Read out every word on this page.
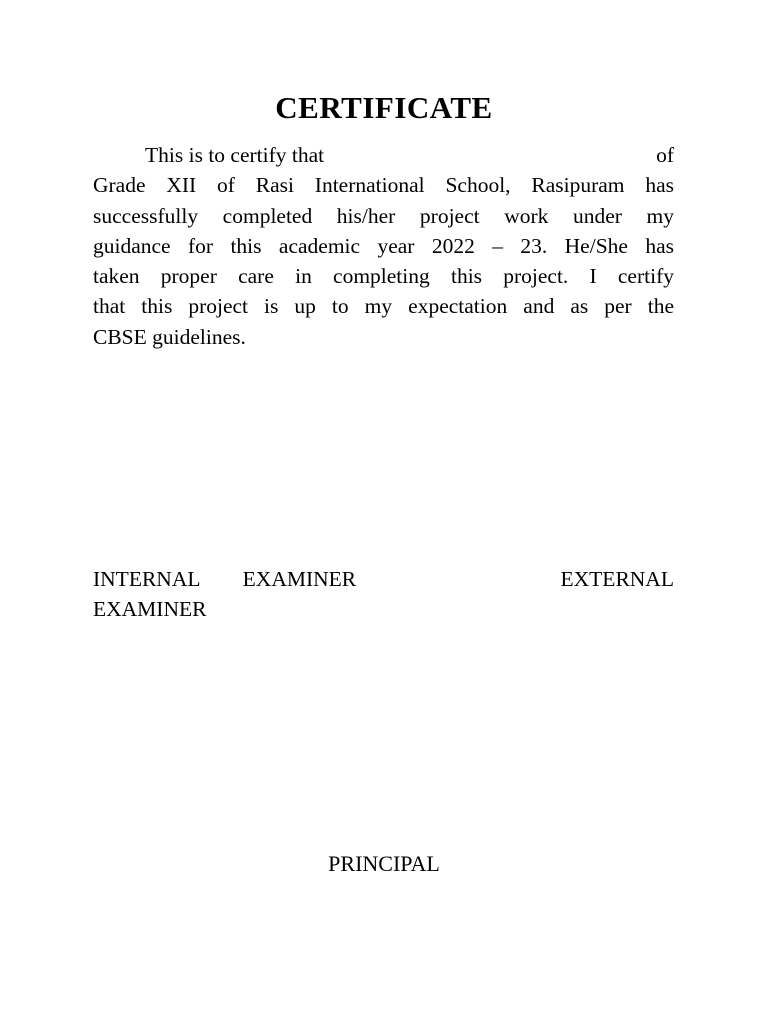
CERTIFICATE
This is to certify that	of
Grade XII of Rasi International School, Rasipuram has
successfully completed his/her project work under my
guidance for this academic year 2022 – 23. He/She has
taken proper care in completing this project. I certify
that this project is up to my expectation and as per the
CBSE guidelines.
INTERNAL EXAMINER	EXTERNAL
EXAMINER
PRINCIPAL
